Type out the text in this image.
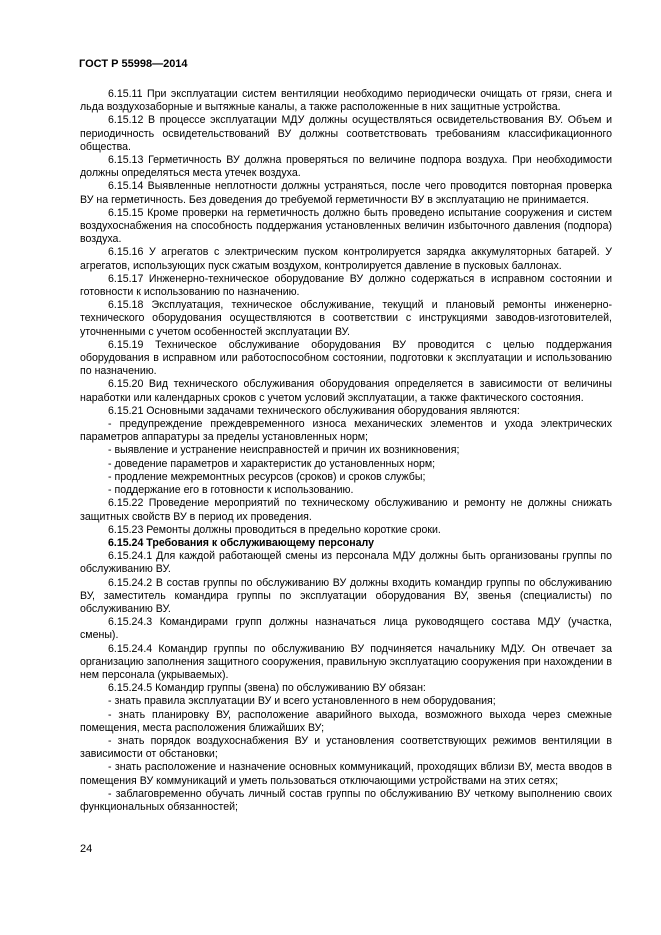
ГОСТ Р 55998—2014

6.15.11 При эксплуатации систем вентиляции необходимо периодически очищать от грязи, снега и льда воздухозаборные и вытяжные каналы, а также расположенные в них защитные устройства.

6.15.12 В процессе эксплуатации МДУ должны осуществляться освидетельствования ВУ. Объем и периодичность освидетельствований ВУ должны соответствовать требованиям классификационного общества.

6.15.13 Герметичность ВУ должна проверяться по величине подпора воздуха. При необходимости должны определяться места утечек воздуха.

6.15.14 Выявленные неплотности должны устраняться, после чего проводится повторная проверка ВУ на герметичность. Без доведения до требуемой герметичности ВУ в эксплуатацию не принимается.

6.15.15 Кроме проверки на герметичность должно быть проведено испытание сооружения и систем воздухоснабжения на способность поддержания установленных величин избыточного давления (подпора) воздуха.

6.15.16 У агрегатов с электрическим пуском контролируется зарядка аккумуляторных батарей. У агрегатов, использующих пуск сжатым воздухом, контролируется давление в пусковых баллонах.

6.15.17 Инженерно-техническое оборудование ВУ должно содержаться в исправном состоянии и готовности к использованию по назначению.

6.15.18 Эксплуатация, техническое обслуживание, текущий и плановый ремонты инженерно-технического оборудования осуществляются в соответствии с инструкциями заводов-изготовителей, уточненными с учетом особенностей эксплуатации ВУ.

6.15.19 Техническое обслуживание оборудования ВУ проводится с целью поддержания оборудования в исправном или работоспособном состоянии, подготовки к эксплуатации и использованию по назначению.

6.15.20 Вид технического обслуживания оборудования определяется в зависимости от величины наработки или календарных сроков с учетом условий эксплуатации, а также фактического состояния.

6.15.21 Основными задачами технического обслуживания оборудования являются:

- предупреждение преждевременного износа механических элементов и ухода электрических параметров аппаратуры за пределы установленных норм;

- выявление и устранение неисправностей и причин их возникновения;

- доведение параметров и характеристик до установленных норм;

- продление межремонтных ресурсов (сроков) и сроков службы;

- поддержание его в готовности к использованию.

6.15.22 Проведение мероприятий по техническому обслуживанию и ремонту не должны снижать защитных свойств ВУ в период их проведения.

6.15.23 Ремонты должны проводиться в предельно короткие сроки.

6.15.24 Требования к обслуживающему персоналу

6.15.24.1 Для каждой работающей смены из персонала МДУ должны быть организованы группы по обслуживанию ВУ.

6.15.24.2 В состав группы по обслуживанию ВУ должны входить командир группы по обслуживанию ВУ, заместитель командира группы по эксплуатации оборудования ВУ, звенья (специалисты) по обслуживанию ВУ.

6.15.24.3 Командирами групп должны назначаться лица руководящего состава МДУ (участка, смены).

6.15.24.4 Командир группы по обслуживанию ВУ подчиняется начальнику МДУ. Он отвечает за организацию заполнения защитного сооружения, правильную эксплуатацию сооружения при нахождении в нем персонала (укрываемых).

6.15.24.5 Командир группы (звена) по обслуживанию ВУ обязан:

- знать правила эксплуатации ВУ и всего установленного в нем оборудования;

- знать планировку ВУ, расположение аварийного выхода, возможного выхода через смежные помещения, места расположения ближайших ВУ;

- знать порядок воздухоснабжения ВУ и установления соответствующих режимов вентиляции в зависимости от обстановки;

- знать расположение и назначение основных коммуникаций, проходящих вблизи ВУ, места вводов в помещения ВУ коммуникаций и уметь пользоваться отключающими устройствами на этих сетях;

- заблаговременно обучать личный состав группы по обслуживанию ВУ четкому выполнению своих функциональных обязанностей;

24
